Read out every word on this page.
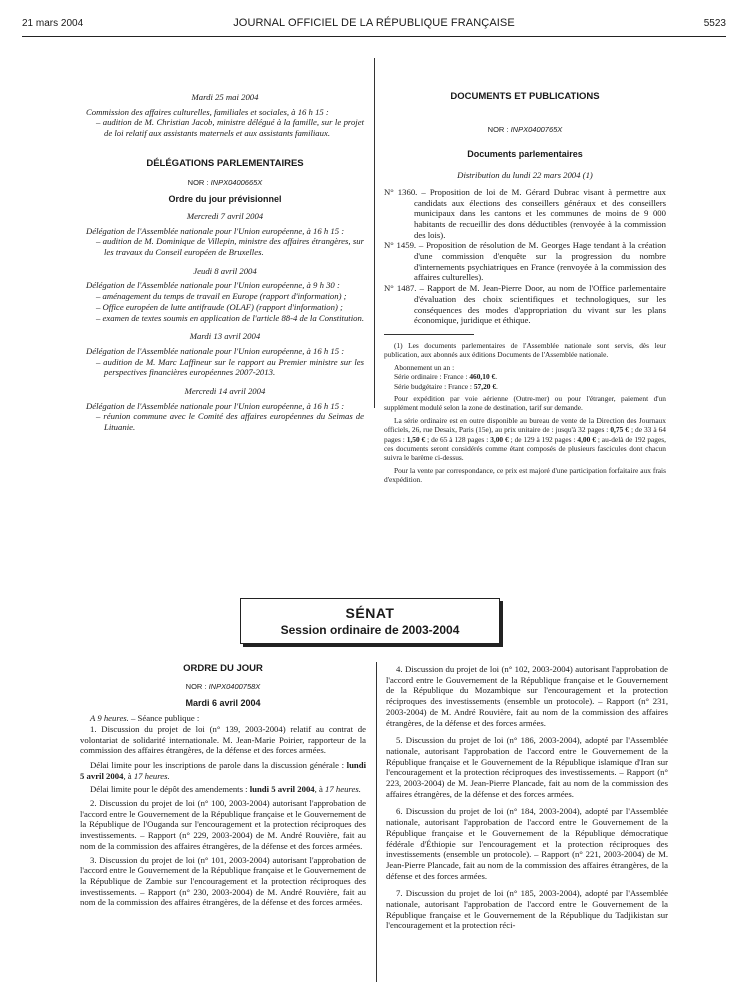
21 mars 2004	JOURNAL OFFICIEL DE LA RÉPUBLIQUE FRANÇAISE	5523

Mardi 25 mai 2004

Commission des affaires culturelles, familiales et sociales, à 16 h 15 :

– audition de M. Christian Jacob, ministre délégué à la famille, sur le projet de loi relatif aux assistants maternels et aux assistants familiaux.

DÉLÉGATIONS PARLEMENTAIRES

NOR : INPX0400665X

Ordre du jour prévisionnel

Mercredi 7 avril 2004

Délégation de l'Assemblée nationale pour l'Union européenne, à 16 h 15 :

– audition de M. Dominique de Villepin, ministre des affaires étrangères, sur les travaux du Conseil européen de Bruxelles.

Jeudi 8 avril 2004

Délégation de l'Assemblée nationale pour l'Union européenne, à 9 h 30 :

– aménagement du temps de travail en Europe (rapport d'information) ;

– Office européen de lutte antifraude (OLAF) (rapport d'information) ;

– examen de textes soumis en application de l'article 88-4 de la Constitution.

Mardi 13 avril 2004

Délégation de l'Assemblée nationale pour l'Union européenne, à 16 h 15 :

– audition de M. Marc Laffineur sur le rapport au Premier ministre sur les perspectives financières européennes 2007-2013.

Mercredi 14 avril 2004

Délégation de l'Assemblée nationale pour l'Union européenne, à 16 h 15 :

– réunion commune avec le Comité des affaires européennes du Seimas de Lituanie.

DOCUMENTS ET PUBLICATIONS

NOR : INPX0400765X

Documents parlementaires

Distribution du lundi 22 mars 2004 (1)

N° 1360. – Proposition de loi de M. Gérard Dubrac visant à permettre aux candidats aux élections des conseillers généraux et des conseillers municipaux dans les cantons et les communes de moins de 9 000 habitants de recueillir des dons déductibles (renvoyée à la commission des lois).

N° 1459. – Proposition de résolution de M. Georges Hage tendant à la création d'une commission d'enquête sur la progression du nombre d'internements psychiatriques en France (renvoyée à la commission des affaires culturelles).

N° 1487. – Rapport de M. Jean-Pierre Door, au nom de l'Office parlementaire d'évaluation des choix scientifiques et technologiques, sur les conséquences des modes d'appropriation du vivant sur les plans économique, juridique et éthique.

(1) Les documents parlementaires de l'Assemblée nationale sont servis, dès leur publication, aux abonnés aux éditions Documents de l'Assemblée nationale.

Abonnement un an :

Série ordinaire : France : 460,10 €.

Série budgétaire : France : 57,20 €.

Pour expédition par voie aérienne (Outre-mer) ou pour l'étranger, paiement d'un supplément modulé selon la zone de destination, tarif sur demande.

La série ordinaire est en outre disponible au bureau de vente de la Direction des Journaux officiels, 26, rue Desaix, Paris (15e), au prix unitaire de : jusqu'à 32 pages : 0,75 € ; de 33 à 64 pages : 1,50 € ; de 65 à 128 pages : 3,00 € ; de 129 à 192 pages : 4,00 € ; au-delà de 192 pages, ces documents seront considérés comme étant composés de plusieurs fascicules dont chacun suivra le barème ci-dessus.

Pour la vente par correspondance, ce prix est majoré d'une participation forfaitaire aux frais d'expédition.

SÉNAT
Session ordinaire de 2003-2004

ORDRE DU JOUR

NOR : INPX0400758X

Mardi 6 avril 2004

A 9 heures. – Séance publique :

1. Discussion du projet de loi (n° 139, 2003-2004) relatif au contrat de volontariat de solidarité internationale. M. Jean-Marie Poirier, rapporteur de la commission des affaires étrangères, de la défense et des forces armées.

Délai limite pour les inscriptions de parole dans la discussion générale : lundi 5 avril 2004, à 17 heures.

Délai limite pour le dépôt des amendements : lundi 5 avril 2004, à 17 heures.

2. Discussion du projet de loi (n° 100, 2003-2004) autorisant l'approbation de l'accord entre le Gouvernement de la République française et le Gouvernement de la République de l'Ouganda sur l'encouragement et la protection réciproques des investissements. – Rapport (n° 229, 2003-2004) de M. André Rouvière, fait au nom de la commission des affaires étrangères, de la défense et des forces armées.

3. Discussion du projet de loi (n° 101, 2003-2004) autorisant l'approbation de l'accord entre le Gouvernement de la République française et le Gouvernement de la République de Zambie sur l'encouragement et la protection réciproques des investissements. – Rapport (n° 230, 2003-2004) de M. André Rouvière, fait au nom de la commission des affaires étrangères, de la défense et des forces armées.

4. Discussion du projet de loi (n° 102, 2003-2004) autorisant l'approbation de l'accord entre le Gouvernement de la République française et le Gouvernement de la République du Mozambique sur l'encouragement et la protection réciproques des investissements (ensemble un protocole). – Rapport (n° 231, 2003-2004) de M. André Rouvière, fait au nom de la commission des affaires étrangères, de la défense et des forces armées.

5. Discussion du projet de loi (n° 186, 2003-2004), adopté par l'Assemblée nationale, autorisant l'approbation de l'accord entre le Gouvernement de la République française et le Gouvernement de la République islamique d'Iran sur l'encouragement et la protection réciproques des investissements. – Rapport (n° 223, 2003-2004) de M. Jean-Pierre Plancade, fait au nom de la commission des affaires étrangères, de la défense et des forces armées.

6. Discussion du projet de loi (n° 184, 2003-2004), adopté par l'Assemblée nationale, autorisant l'approbation de l'accord entre le Gouvernement de la République française et le Gouvernement de la République démocratique fédérale d'Éthiopie sur l'encouragement et la protection réciproques des investissements (ensemble un protocole). – Rapport (n° 221, 2003-2004) de M. Jean-Pierre Plancade, fait au nom de la commission des affaires étrangères, de la défense et des forces armées.

7. Discussion du projet de loi (n° 185, 2003-2004), adopté par l'Assemblée nationale, autorisant l'approbation de l'accord entre le Gouvernement de la République française et le Gouvernement de la République du Tadjikistan sur l'encouragement et la protection réci-
